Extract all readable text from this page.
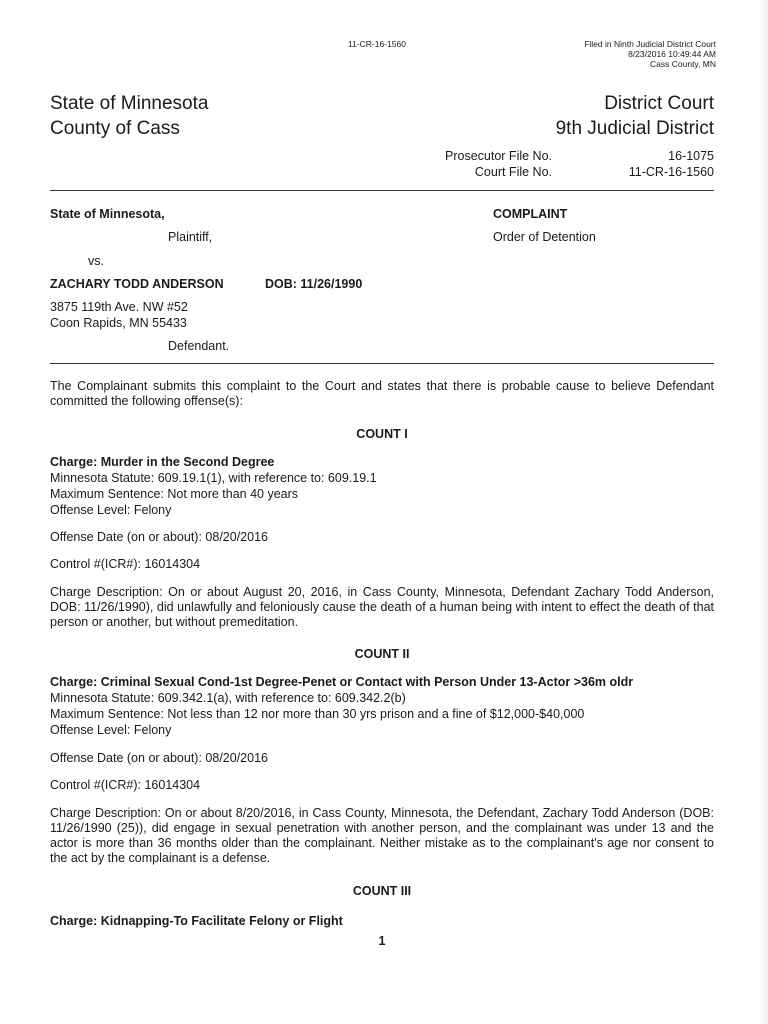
11-CR-16-1560	Filed in Ninth Judicial District Court
8/23/2016 10:49:44 AM
Cass County, MN
State of Minnesota
County of Cass
District Court
9th Judicial District
Prosecutor File No.	16-1075
Court File No.	11-CR-16-1560
State of Minnesota,
Plaintiff,
vs.
ZACHARY TODD ANDERSON	DOB: 11/26/1990
3875 119th Ave. NW #52
Coon Rapids, MN 55433
Defendant.
COMPLAINT
Order of Detention
The Complainant submits this complaint to the Court and states that there is probable cause to believe Defendant committed the following offense(s):
COUNT I
Charge: Murder in the Second Degree
Minnesota Statute: 609.19.1(1), with reference to: 609.19.1
Maximum Sentence: Not more than 40 years
Offense Level: Felony
Offense Date (on or about): 08/20/2016
Control #(ICR#): 16014304
Charge Description: On or about August 20, 2016, in Cass County, Minnesota, Defendant Zachary Todd Anderson, DOB: 11/26/1990), did unlawfully and feloniously cause the death of a human being with intent to effect the death of that person or another, but without premeditation.
COUNT II
Charge: Criminal Sexual Cond-1st Degree-Penet or Contact with Person Under 13-Actor >36m oldr
Minnesota Statute: 609.342.1(a), with reference to: 609.342.2(b)
Maximum Sentence: Not less than 12 nor more than 30 yrs prison and a fine of $12,000-$40,000
Offense Level: Felony
Offense Date (on or about): 08/20/2016
Control #(ICR#): 16014304
Charge Description: On or about 8/20/2016, in Cass County, Minnesota, the Defendant, Zachary Todd Anderson (DOB: 11/26/1990 (25)), did engage in sexual penetration with another person, and the complainant was under 13 and the actor is more than 36 months older than the complainant. Neither mistake as to the complainant's age nor consent to the act by the complainant is a defense.
COUNT III
Charge: Kidnapping-To Facilitate Felony or Flight
1
